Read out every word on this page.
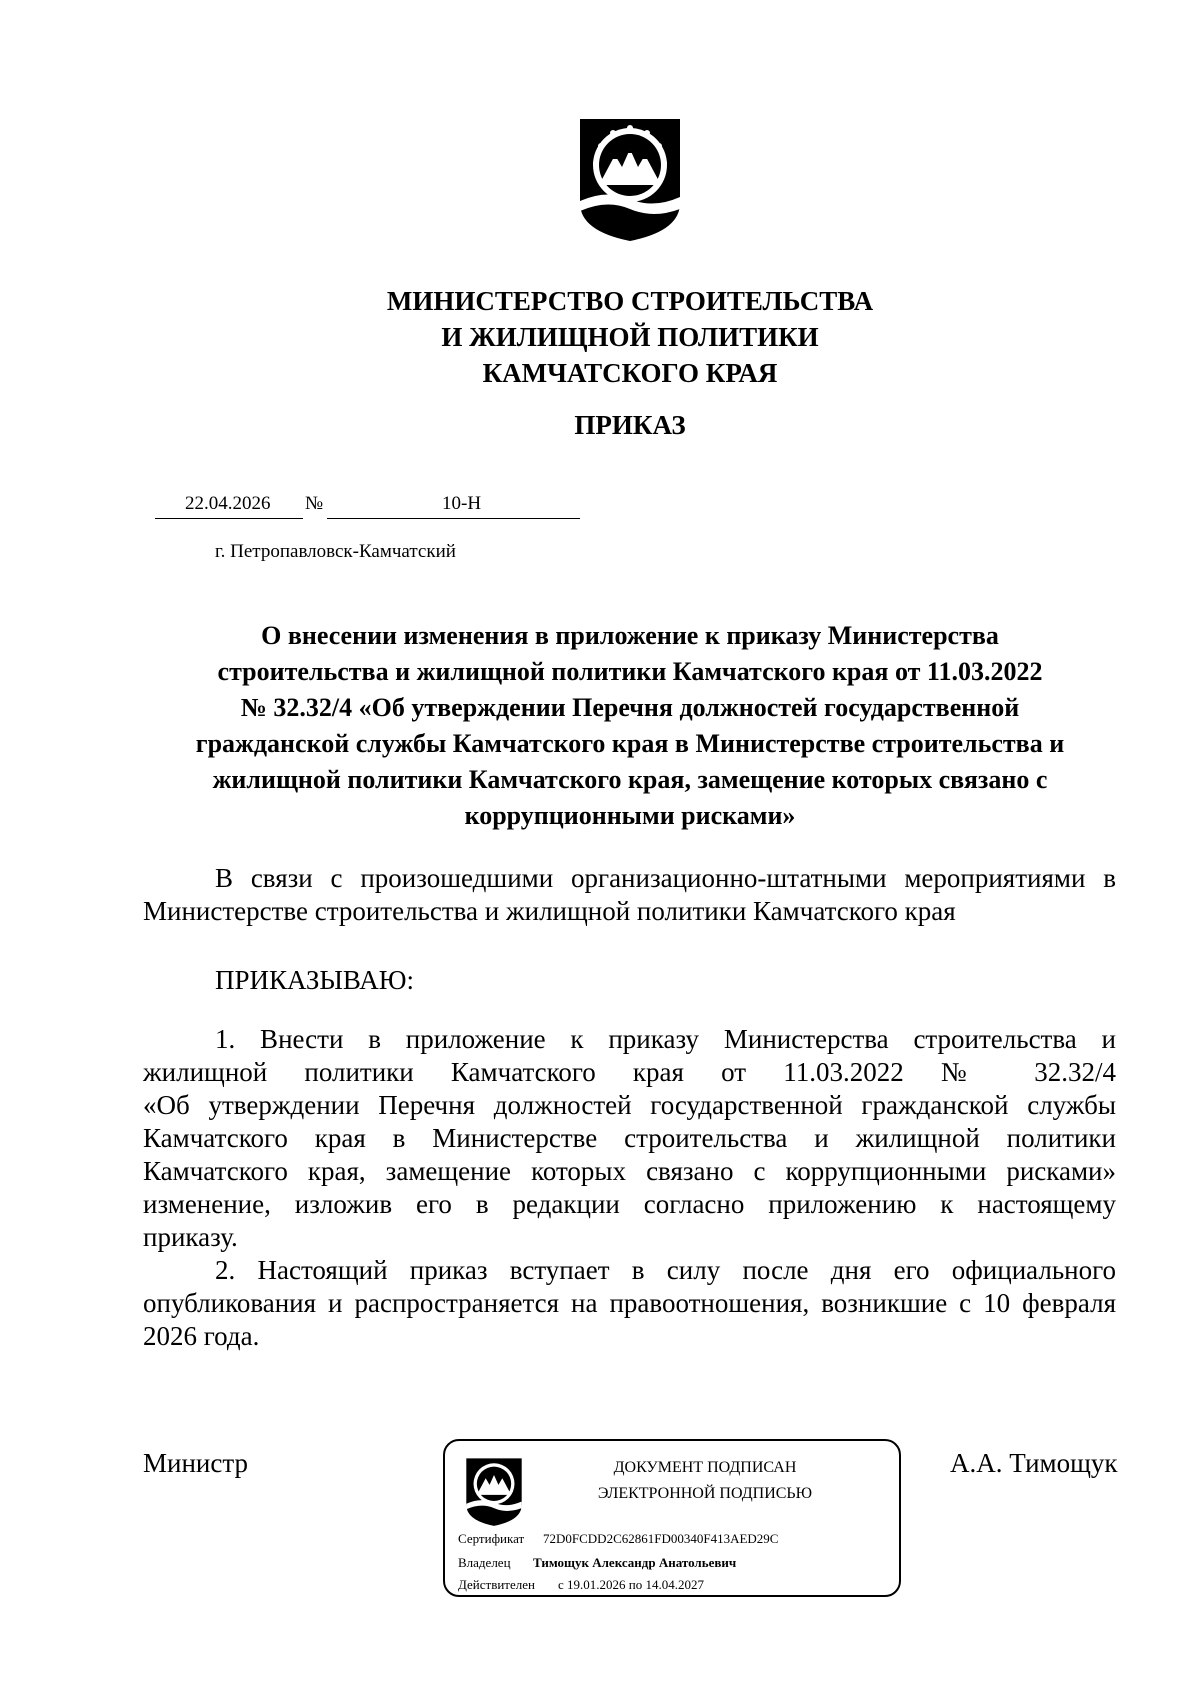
МИНИСТЕРСТВО СТРОИТЕЛЬСТВА
И ЖИЛИЩНОЙ ПОЛИТИКИ
КАМЧАТСКОГО КРАЯ
ПРИКАЗ
22.04.2026 №	10-Н
г. Петропавловск-Камчатский
О внесении изменения в приложение к приказу Министерства
строительства и жилищной политики Камчатского края от 11.03.2022
№ 32.32/4 «Об утверждении Перечня должностей государственной
гражданской службы Камчатского края в Министерстве строительства и
жилищной политики Камчатского края, замещение которых связано с
коррупционными рисками»
В связи с произошедшими организационно-штатными мероприятиями в
Министерстве строительства и жилищной политики Камчатского края
ПРИКАЗЫВАЮ:
1. Внести в приложение к приказу Министерства строительства и
жилищной политики Камчатского края от 11.03.2022 № 32.32/4
«Об утверждении Перечня должностей государственной гражданской службы
Камчатского края в Министерстве строительства и жилищной политики
Камчатского края, замещение которых связано с коррупционными рисками»
изменение, изложив его в редакции согласно приложению к настоящему
приказу.
2. Настоящий приказ вступает в силу после дня его официального
опубликования и распространяется на правоотношения, возникшие с 10 февраля
2026 года.
Министр	А.А. Тимощук
ДОКУМЕНТ ПОДПИСАН
ЭЛЕКТРОННОЙ ПОДПИСЬЮ
Сертификат 72D0FCDD2C62861FD00340F413AED29C
Владелец Тимощук Александр Анатольевич
Действителен с 19.01.2026 по 14.04.2027
